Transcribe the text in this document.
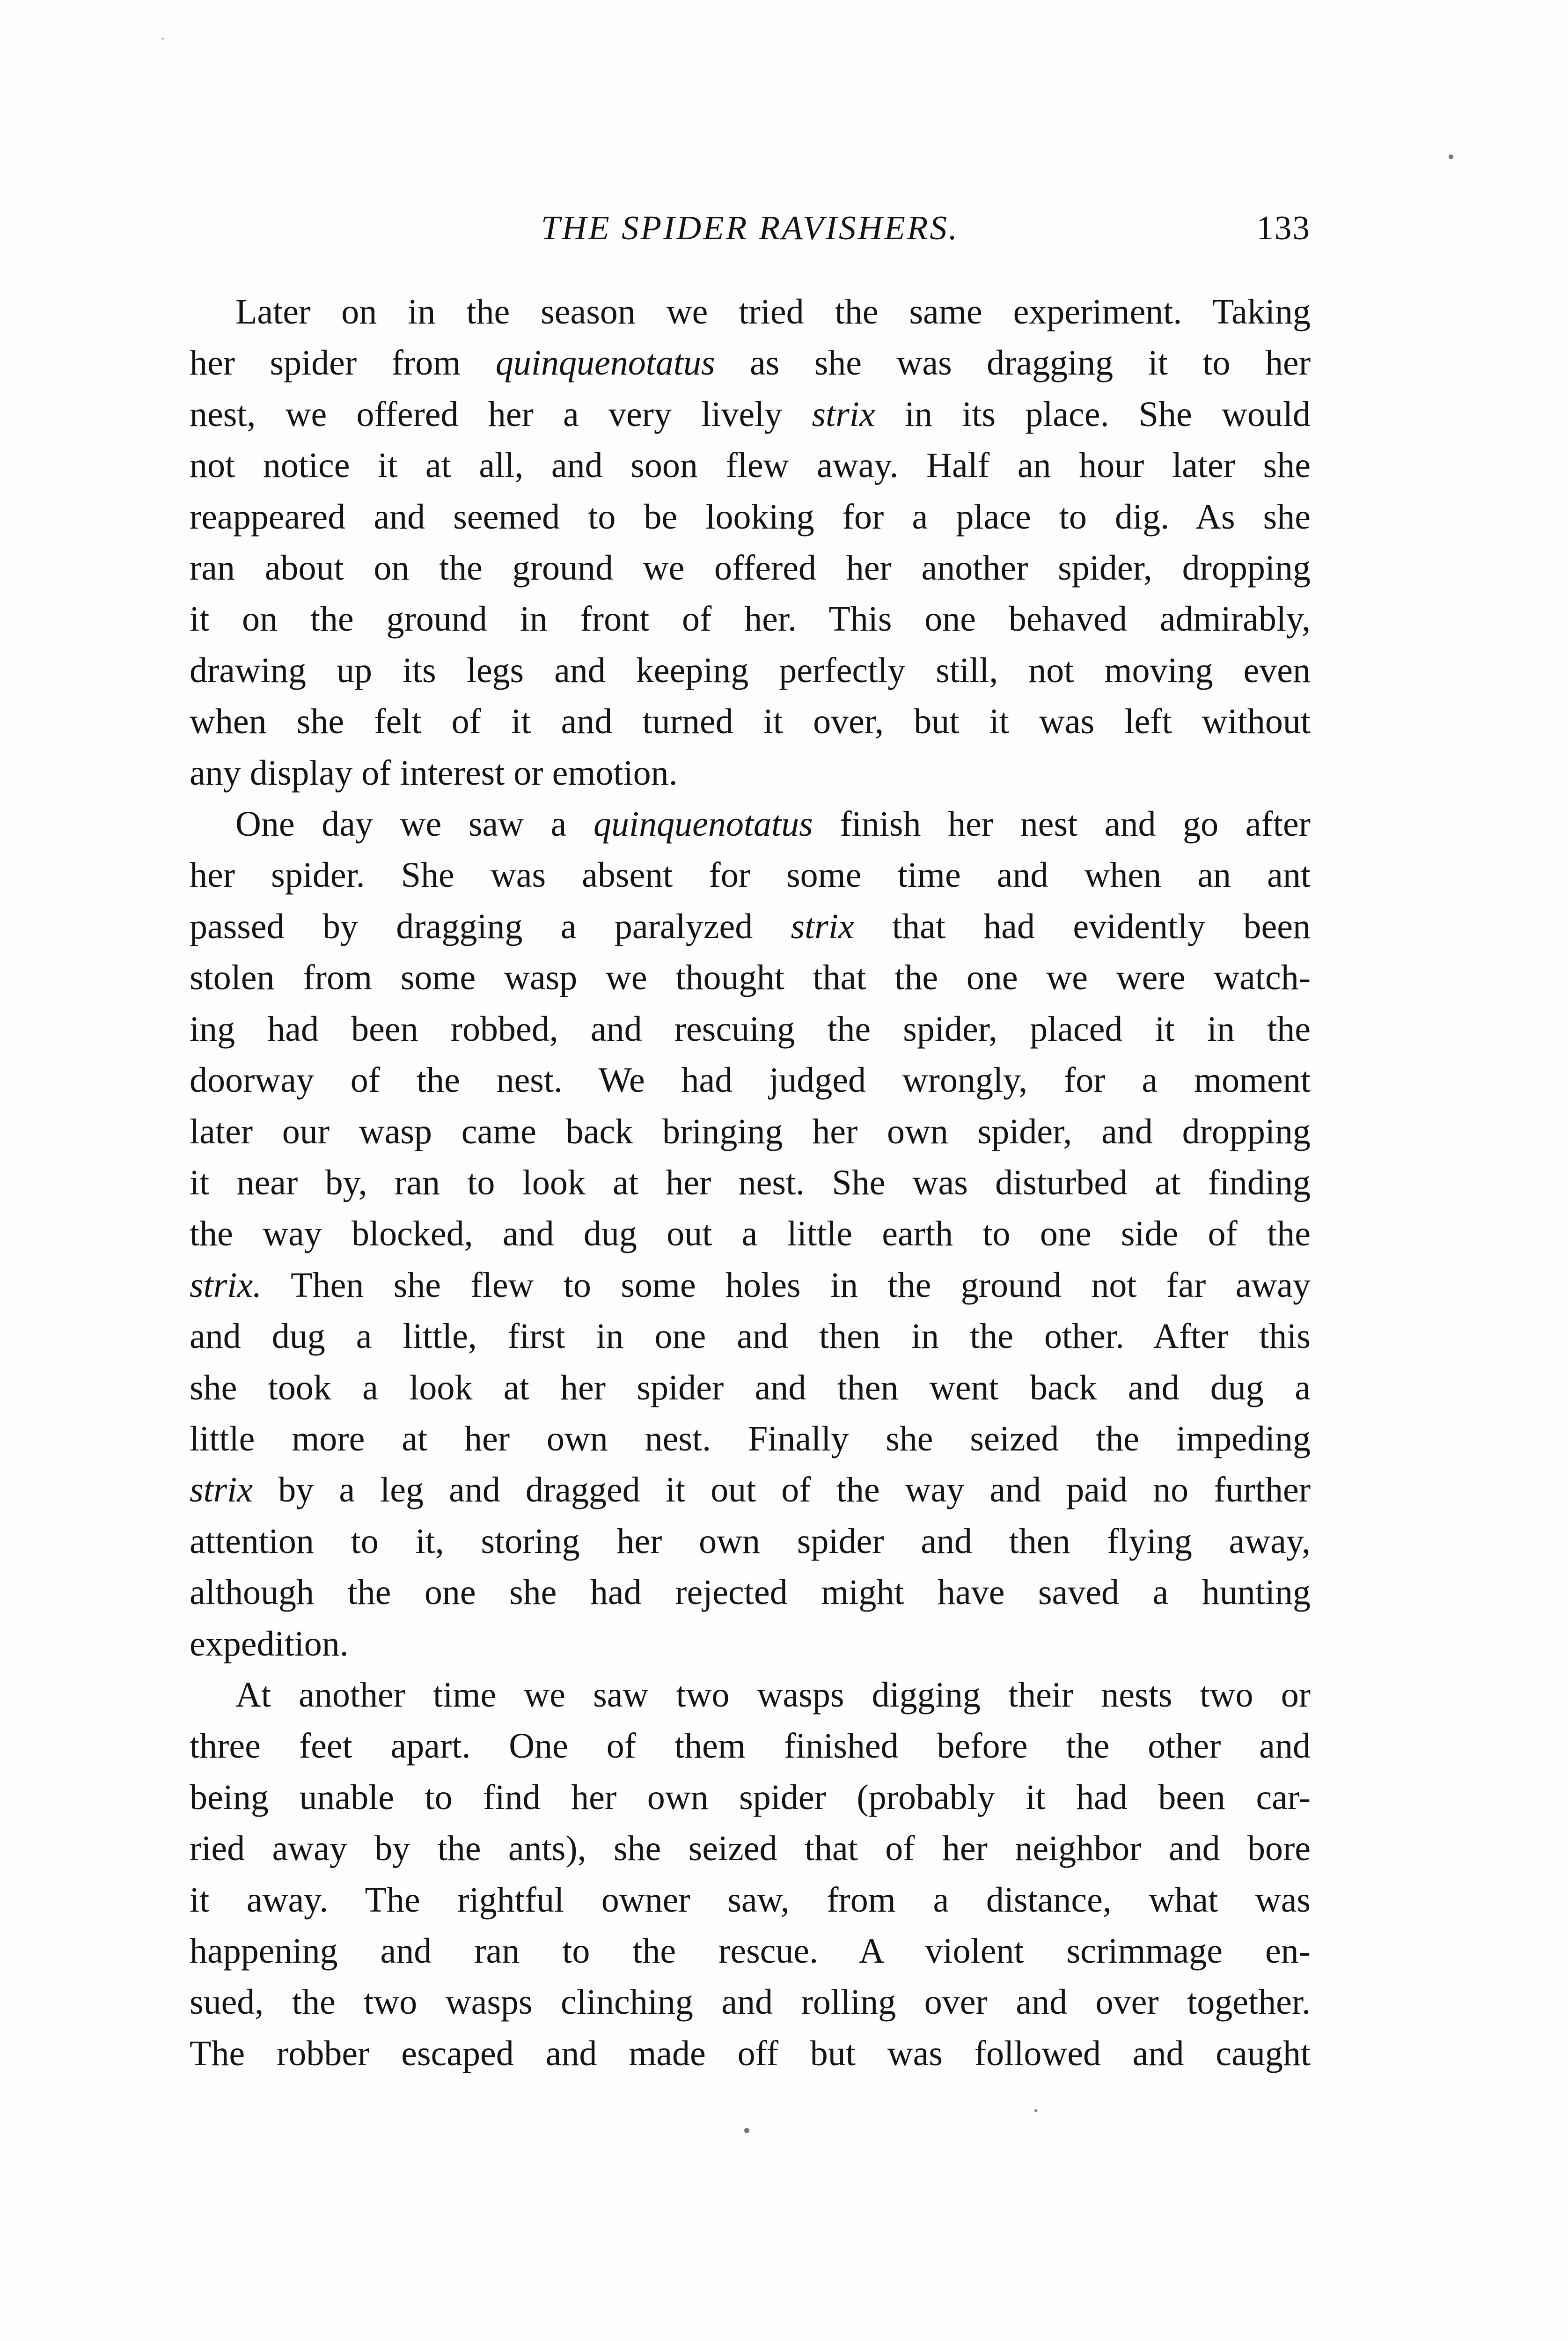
THE SPIDER RAVISHERS.	133
Later on in the season we tried the same experiment. Taking
her spider from quinquenotatus as she was dragging it to her
nest, we offered her a very lively strix in its place. She would
not notice it at all, and soon flew away. Half an hour later she
reappeared and seemed to be looking for a place to dig. As she
ran about on the ground we offered her another spider, dropping
it on the ground in front of her. This one behaved admirably,
drawing up its legs and keeping perfectly still, not moving even
when she felt of it and turned it over, but it was left without
any display of interest or emotion.
One day we saw a quinquenotatus finish her nest and go after
her spider. She was absent for some time and when an ant
passed by dragging a paralyzed strix that had evidently been
stolen from some wasp we thought that the one we were watch-
ing had been robbed, and rescuing the spider, placed it in the
doorway of the nest. We had judged wrongly, for a moment
later our wasp came back bringing her own spider, and dropping
it near by, ran to look at her nest. She was disturbed at finding
the way blocked, and dug out a little earth to one side of the
strix. Then she flew to some holes in the ground not far away
and dug a little, first in one and then in the other. After this
she took a look at her spider and then went back and dug a
little more at her own nest. Finally she seized the impeding
strix by a leg and dragged it out of the way and paid no further
attention to it, storing her own spider and then flying away,
although the one she had rejected might have saved a hunting
expedition.
At another time we saw two wasps digging their nests two or
three feet apart. One of them finished before the other and
being unable to find her own spider (probably it had been car-
ried away by the ants), she seized that of her neighbor and bore
it away. The rightful owner saw, from a distance, what was
happening and ran to the rescue. A violent scrimmage en-
sued, the two wasps clinching and rolling over and over together.
The robber escaped and made off but was followed and caught
